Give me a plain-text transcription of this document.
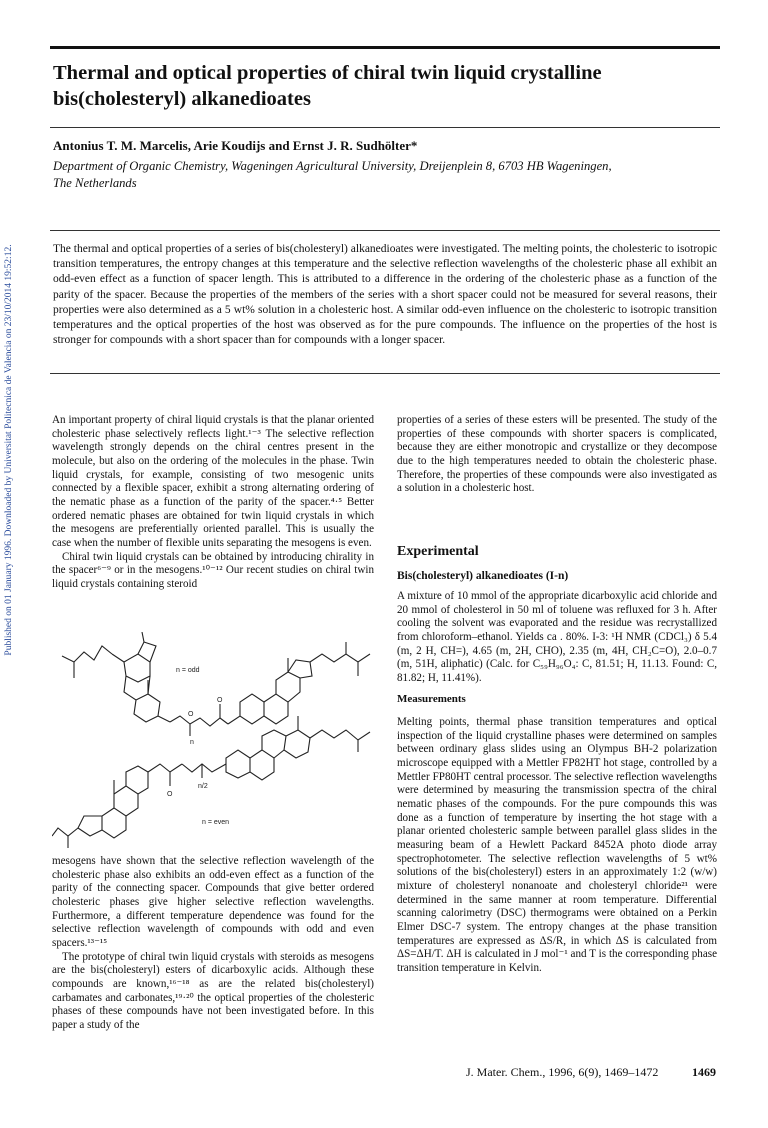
Thermal and optical properties of chiral twin liquid crystalline bis(cholesteryl) alkanedioates
Antonius T. M. Marcelis, Arie Koudijs and Ernst J. R. Sudhölter*
Department of Organic Chemistry, Wageningen Agricultural University, Dreijenplein 8, 6703 HB Wageningen,
The Netherlands

The thermal and optical properties of a series of bis(cholesteryl) alkanedioates were investigated. The melting points, the cholesteric to isotropic transition temperatures, the entropy changes at this temperature and the selective reflection wavelengths of the cholesteric phase all exhibit an odd-even effect as a function of spacer length. This is attributed to a difference in the ordering of the cholesteric phase as a function of the parity of the spacer. Because the properties of the members of the series with a short spacer could not be measured for several reasons, their properties were also determined as a 5 wt% solution in a cholesteric host. A similar odd-even influence on the cholesteric to isotropic transition temperatures and the optical properties of the host was observed as for the pure compounds. The influence on the properties of the host is stronger for compounds with a short spacer than for compounds with a longer spacer.

Published on 01 January 1996. Downloaded by Universitat Politecnica de Valencia on 23/10/2014 19:52:12.	An important property of chiral liquid crystals is that the planar oriented cholesteric phase selectively reflects light.¹⁻³ The selective reflection wavelength strongly depends on the chiral centres present in the molecule, but also on the ordering of the molecules in the phase. Twin liquid crystals, for example, consisting of two mesogenic units connected by a flexible spacer, exhibit a strong alternating ordering of the nematic phase as a function of the parity of the spacer.⁴·⁵ Better ordered nematic phases are obtained for twin liquid crystals in which the mesogens are preferentially oriented parallel. This is usually the case when the number of flexible units separating the mesogens is even.

Chiral twin liquid crystals can be obtained by introducing chirality in the spacer⁶⁻⁹ or in the mesogens.¹⁰⁻¹² Our recent studies on chiral twin liquid crystals containing steroid

n
O
O
n = odd
n/2
O
n = even

mesogens have shown that the selective reflection wavelength of the cholesteric phase also exhibits an odd-even effect as a function of the parity of the connecting spacer. Compounds that give better ordered cholesteric phases give higher selective reflection wavelengths. Furthermore, a different temperature dependence was found for the selective reflection wavelength of compounds with odd and even spacers.¹³⁻¹⁵

The prototype of chiral twin liquid crystals with steroids as mesogens are the bis(cholesteryl) esters of dicarboxylic acids. Although these compounds are known,¹⁶⁻¹⁸ as are the related bis(cholesteryl) carbamates and carbonates,¹⁹·²⁰ the optical properties of the cholesteric phases of these compounds have not been investigated before. In this paper a study of the

properties of a series of these esters will be presented. The study of the properties of these compounds with shorter spacers is complicated, because they are either monotropic and crystallize or they decompose due to the high temperatures needed to obtain the cholesteric phase. Therefore, the properties of these compounds were also investigated as a solution in a cholesteric host.

Experimental
Bis(cholesteryl) alkanedioates (I-n)

A mixture of 10 mmol of the appropriate dicarboxylic acid chloride and 20 mmol of cholesterol in 50 ml of toluene was refluxed for 3 h. After cooling the solvent was evaporated and the residue was recrystallized from chloroform–ethanol. Yields ca . 80%. I-3: ¹H NMR (CDCl₃) δ 5.4 (m, 2 H, CH=), 4.65 (m, 2H, CHO), 2.35 (m, 4H, CH₂C=O), 2.0–0.7 (m, 51H, aliphatic) (Calc. for C₅₉H₉₆O₄: C, 81.51; H, 11.13. Found: C, 81.82; H, 11.41%).

Measurements

Melting points, thermal phase transition temperatures and optical inspection of the liquid crystalline phases were determined on samples between ordinary glass slides using an Olympus BH-2 polarization microscope equipped with a Mettler FP82HT hot stage, controlled by a Mettler FP80HT central processor. The selective reflection wavelengths were determined by measuring the transmission spectra of the chiral nematic phases of the compounds. For the pure compounds this was done as a function of temperature by inserting the hot stage with a planar oriented cholesteric sample between parallel glass slides in the measuring beam of a Hewlett Packard 8452A photo diode array spectrophotometer. The selective reflection wavelengths of 5 wt% solutions of the bis(cholesteryl) esters in an approximately 1:2 (w/w) mixture of cholesteryl nonanoate and cholesteryl chloride²¹ were determined in the same manner at room temperature. Differential scanning calorimetry (DSC) thermograms were obtained on a Perkin Elmer DSC-7 system. The entropy changes at the phase transition temperatures are expressed as ΔS/R, in which ΔS is calculated from ΔS=ΔH/T. ΔH is calculated in J mol⁻¹ and T is the corresponding phase transition temperature in Kelvin.

J. Mater. Chem., 1996, 6(9), 1469–1472	1469
